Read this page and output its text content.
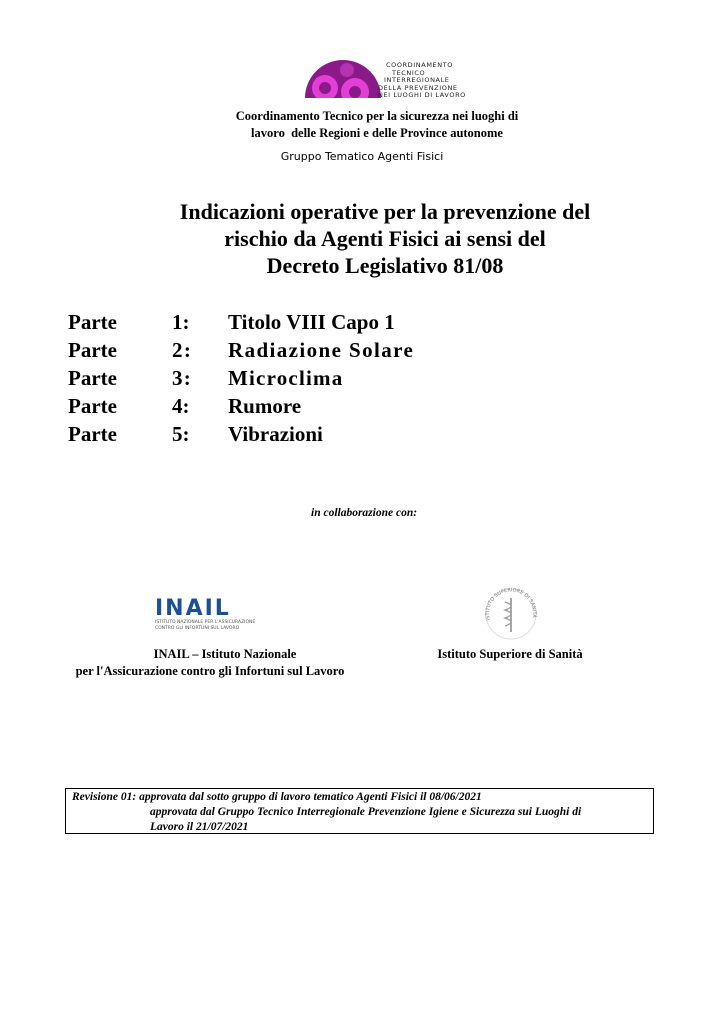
COORDINAMENTO
TECNICO
INTERREGIONALE
DELLA PREVENZIONE
NEI LUOGHI DI LAVORO
Coordinamento Tecnico per la sicurezza nei luoghi di
lavoro  delle Regioni e delle Province autonome
Gruppo Tematico Agenti Fisici
Indicazioni operative per la prevenzione del
rischio da Agenti Fisici ai sensi del
Decreto Legislativo 81/08
Parte	1: Titolo VIII Capo 1
Parte	2: Radiazione Solare
Parte	3: Microclima
Parte	4: Rumore
Parte	5: Vibrazioni
in collaborazione con:
INAIL
ISTITUTO NAZIONALE PER L'ASSICURAZIONE
CONTRO GLI INFORTUNI SUL LAVORO
ISTITUTO SUPERIORE DI SANITÀ
INAIL – Istituto Nazionale
per l'Assicurazione contro gli Infortuni sul Lavoro
Istituto Superiore di Sanità
Revisione 01: approvata dal sotto gruppo di lavoro tematico Agenti Fisici il 08/06/2021
approvata dal Gruppo Tecnico Interregionale Prevenzione Igiene e Sicurezza sui Luoghi di
Lavoro il 21/07/2021
